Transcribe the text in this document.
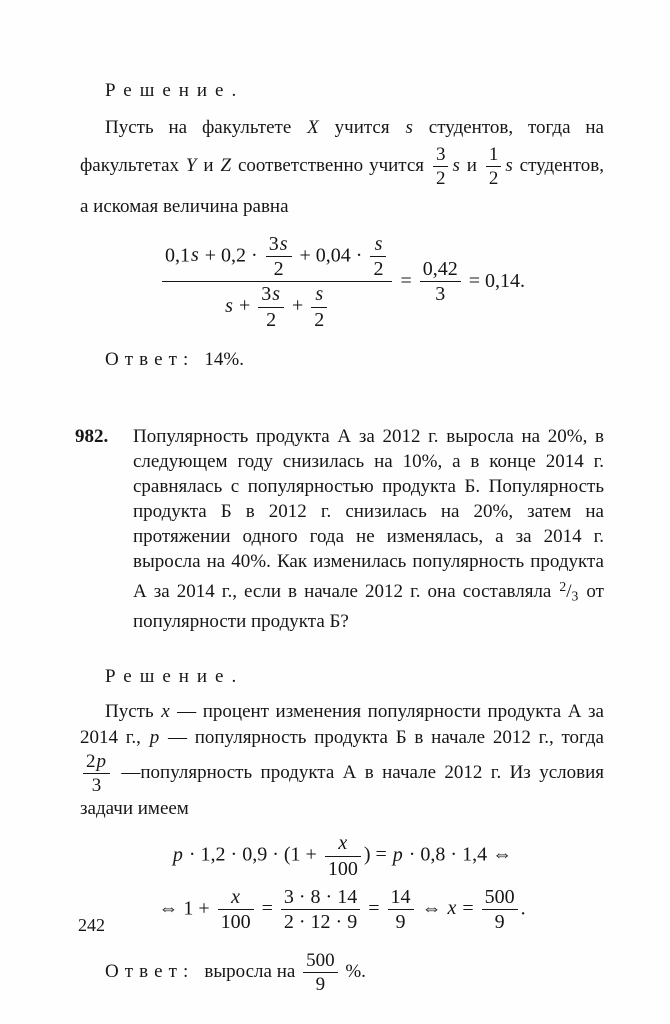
Решение.
Пусть на факультете X учится s студентов, тогда на факультетах Y и Z соответственно учится $\frac{3}{2}$ s и $\frac{1}{2}$ s студентов, а искомая величина равна
$\frac{0,1s + 0,2 \cdot \frac{3s}{2} + 0,04 \cdot \frac{s}{2}}{s + \frac{3s}{2} + \frac{s}{2}} = \frac{0,42}{3} = 0,14$.
Ответ: 14%.
982.	Популярность продукта А за 2012 г. выросла на 20%, в следующем году снизилась на 10%, а в конце 2014 г. сравнялась с популярностью продукта Б. Популярность продукта Б в 2012 г. снизилась на 20%, затем на протяжении одного года не изменялась, а за 2014 г. выросла на 40%. Как изменилась популярность продукта А за 2014 г., если в начале 2012 г. она составляла $^2/_3$ от популярности продукта Б?
Решение.
Пусть x — процент изменения популярности продукта А за 2014 г., p — популярность продукта Б в начале 2012 г., тогда
$\frac{2p}{3}$ —популярность продукта А в начале 2012 г. Из условия задачи имеем
$p \cdot 1,2 \cdot 0,9 \cdot (1 + \frac{x}{100}$ ) = p · 0,8 · 1,4 ⇔
⇔ $1 + \frac{x}{100} = \frac{3 \cdot 8 \cdot 14}{2 \cdot 12 \cdot 9} = \frac{14}{9}$ ⇔ $x = \frac{500}{9}$ .
Ответ: выросла на $\frac{500}{9}$ %.
242
